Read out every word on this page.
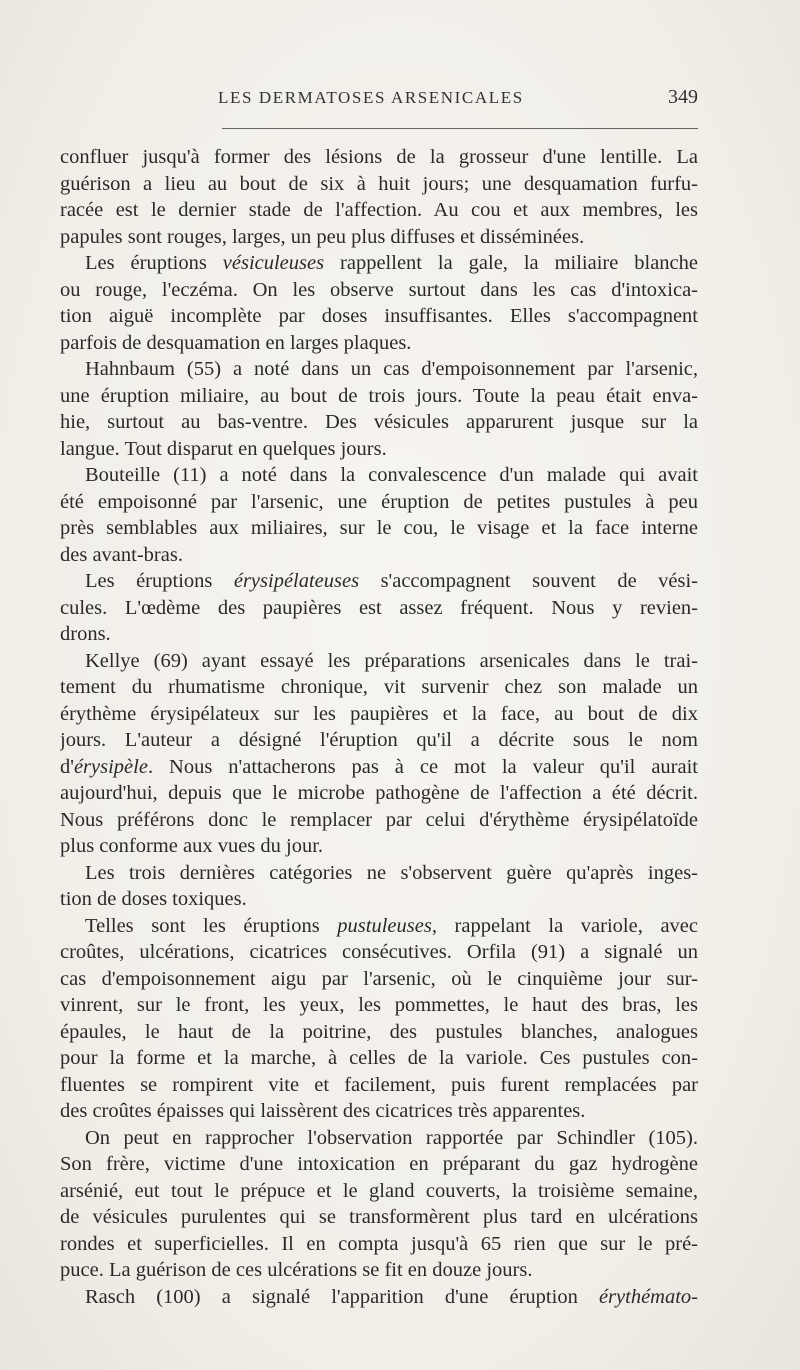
LES DERMATOSES ARSENICALES	349
confluer jusqu'à former des lésions de la grosseur d'une lentille. La
guérison a lieu au bout de six à huit jours; une desquamation furfu-
racée est le dernier stade de l'affection. Au cou et aux membres, les
papules sont rouges, larges, un peu plus diffuses et disséminées.
Les éruptions vésiculeuses rappellent la gale, la miliaire blanche
ou rouge, l'eczéma. On les observe surtout dans les cas d'intoxica-
tion aiguë incomplète par doses insuffisantes. Elles s'accompagnent
parfois de desquamation en larges plaques.
Hahnbaum (55) a noté dans un cas d'empoisonnement par l'arsenic,
une éruption miliaire, au bout de trois jours. Toute la peau était enva-
hie, surtout au bas-ventre. Des vésicules apparurent jusque sur la
langue. Tout disparut en quelques jours.
Bouteille (11) a noté dans la convalescence d'un malade qui avait
été empoisonné par l'arsenic, une éruption de petites pustules à peu
près semblables aux miliaires, sur le cou, le visage et la face interne
des avant-bras.
Les éruptions érysipélateuses s'accompagnent souvent de vési-
cules. L'œdème des paupières est assez fréquent. Nous y revien-
drons.
Kellye (69) ayant essayé les préparations arsenicales dans le trai-
tement du rhumatisme chronique, vit survenir chez son malade un
érythème érysipélateux sur les paupières et la face, au bout de dix
jours. L'auteur a désigné l'éruption qu'il a décrite sous le nom
d'érysipèle. Nous n'attacherons pas à ce mot la valeur qu'il aurait
aujourd'hui, depuis que le microbe pathogène de l'affection a été décrit.
Nous préférons donc le remplacer par celui d'érythème érysipélatoïde
plus conforme aux vues du jour.
Les trois dernières catégories ne s'observent guère qu'après inges-
tion de doses toxiques.
Telles sont les éruptions pustuleuses, rappelant la variole, avec
croûtes, ulcérations, cicatrices consécutives. Orfila (91) a signalé un
cas d'empoisonnement aigu par l'arsenic, où le cinquième jour sur-
vinrent, sur le front, les yeux, les pommettes, le haut des bras, les
épaules, le haut de la poitrine, des pustules blanches, analogues
pour la forme et la marche, à celles de la variole. Ces pustules con-
fluentes se rompirent vite et facilement, puis furent remplacées par
des croûtes épaisses qui laissèrent des cicatrices très apparentes.
On peut en rapprocher l'observation rapportée par Schindler (105).
Son frère, victime d'une intoxication en préparant du gaz hydrogène
arsénié, eut tout le prépuce et le gland couverts, la troisième semaine,
de vésicules purulentes qui se transformèrent plus tard en ulcérations
rondes et superficielles. Il en compta jusqu'à 65 rien que sur le pré-
puce. La guérison de ces ulcérations se fit en douze jours.
Rasch (100) a signalé l'apparition d'une éruption érythémato-
